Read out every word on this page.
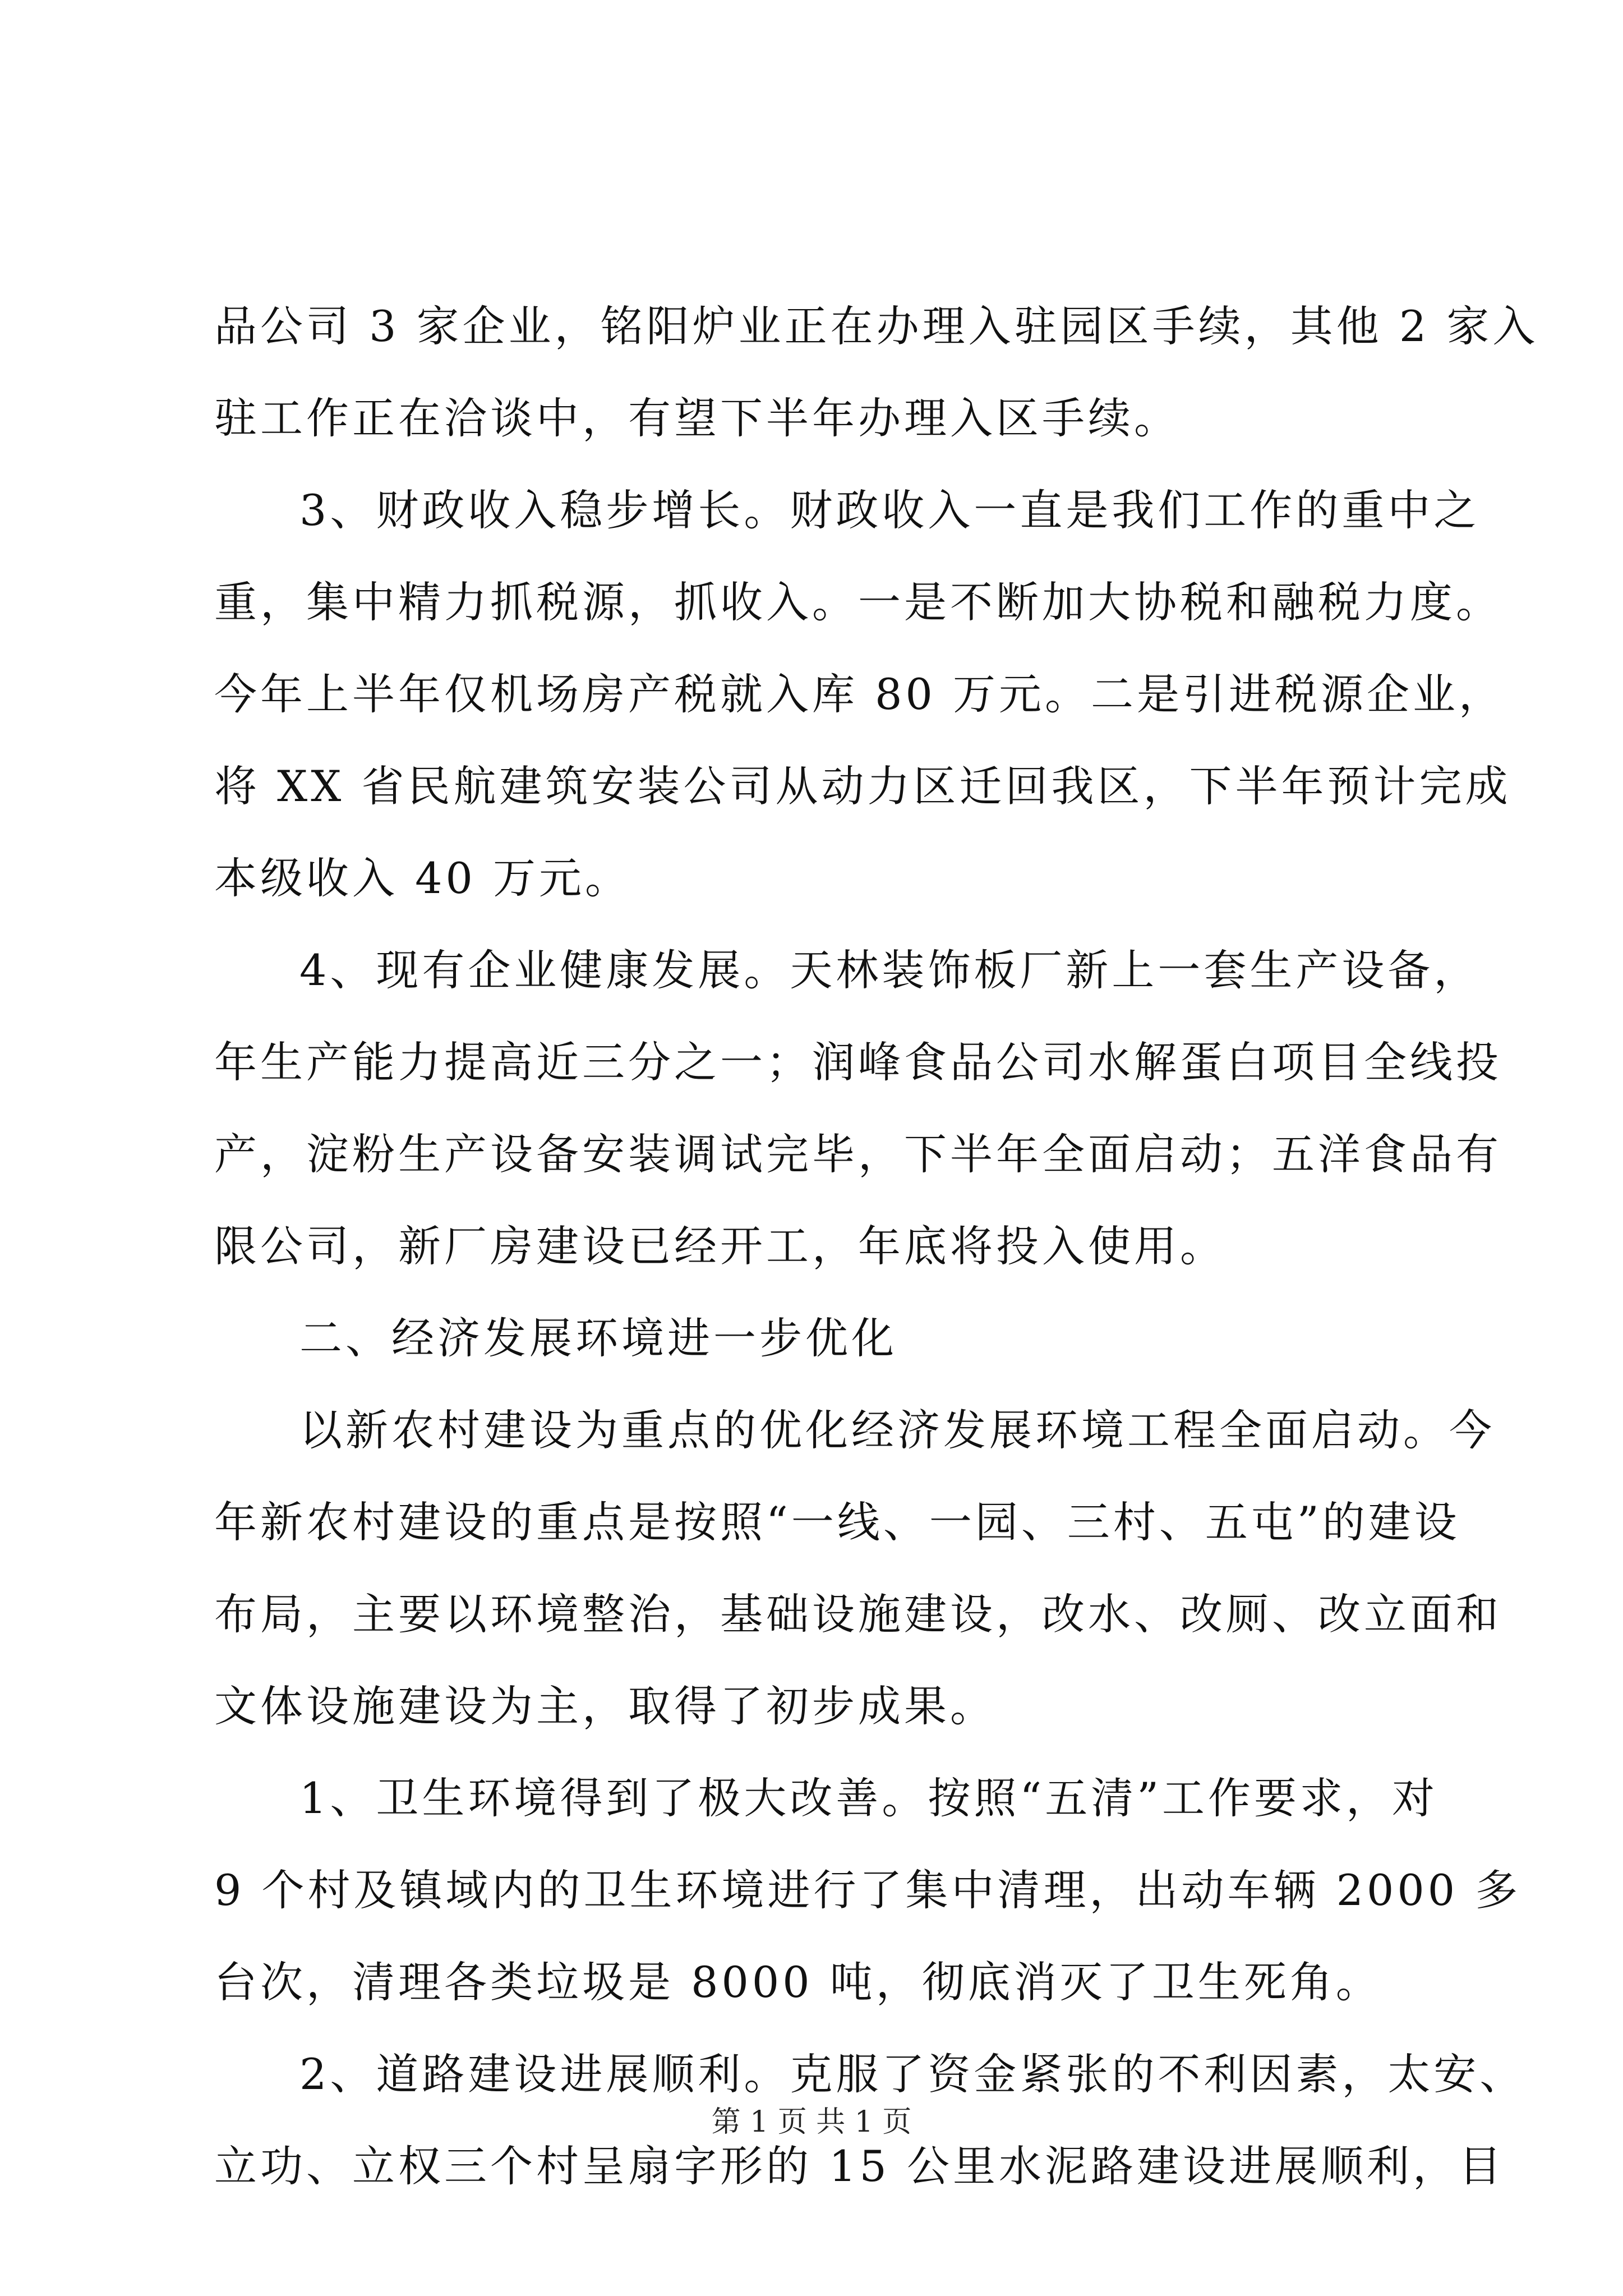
品公司 3 家企业，铭阳炉业正在办理入驻园区手续，其他 2 家入
驻工作正在洽谈中，有望下半年办理入区手续。
3、财政收入稳步增长。财政收入一直是我们工作的重中之
重，集中精力抓税源，抓收入。一是不断加大协税和融税力度。
今年上半年仅机场房产税就入库 80 万元。二是引进税源企业，
将 XX 省民航建筑安装公司从动力区迁回我区，下半年预计完成
本级收入 40 万元。
4、现有企业健康发展。天林装饰板厂新上一套生产设备，
年生产能力提高近三分之一；润峰食品公司水解蛋白项目全线投
产，淀粉生产设备安装调试完毕，下半年全面启动；五洋食品有
限公司，新厂房建设已经开工，年底将投入使用。
二、经济发展环境进一步优化
以新农村建设为重点的优化经济发展环境工程全面启动。今
年新农村建设的重点是按照“一线、一园、三村、五屯”的建设
布局，主要以环境整治，基础设施建设，改水、改厕、改立面和
文体设施建设为主，取得了初步成果。
1、卫生环境得到了极大改善。按照“五清”工作要求，对
9 个村及镇域内的卫生环境进行了集中清理，出动车辆 2000 多
台次，清理各类垃圾是 8000 吨，彻底消灭了卫生死角。
2、道路建设进展顺利。克服了资金紧张的不利因素，太安、
立功、立权三个村呈扇字形的 15 公里水泥路建设进展顺利，目
第 1 页 共 1 页
